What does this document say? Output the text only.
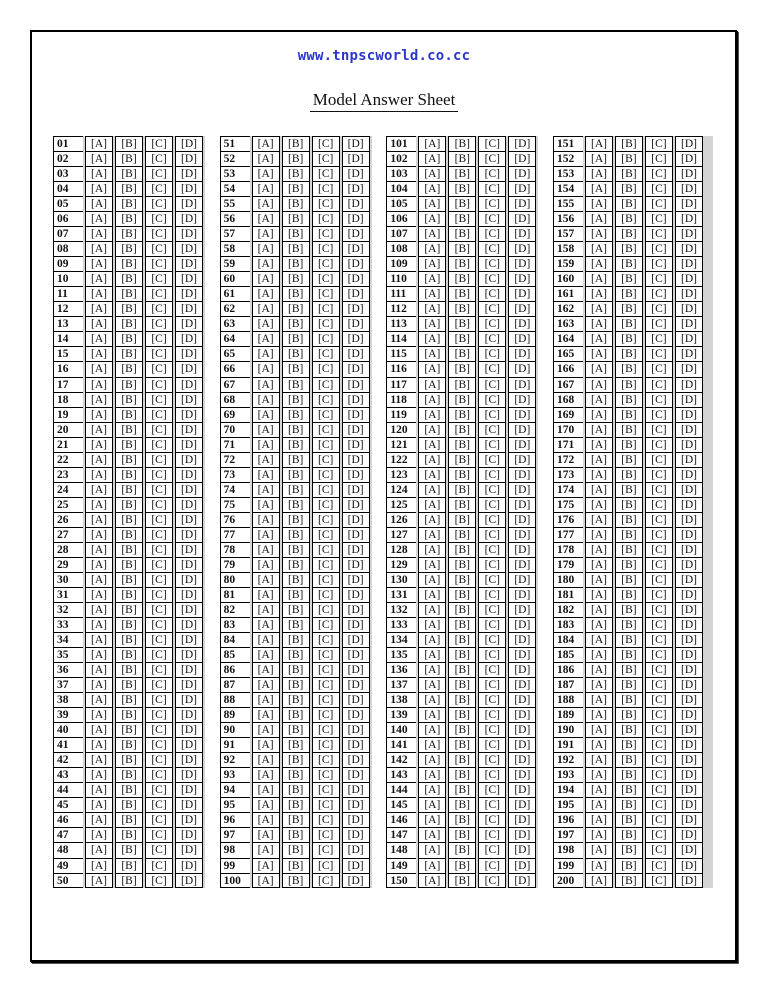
www.tnpscworld.co.cc
Model Answer Sheet
01	[A]	[B]	[C]	[D]
02	[A]	[B]	[C]	[D]
03	[A]	[B]	[C]	[D]
04	[A]	[B]	[C]	[D]
05	[A]	[B]	[C]	[D]
06	[A]	[B]	[C]	[D]
07	[A]	[B]	[C]	[D]
08	[A]	[B]	[C]	[D]
09	[A]	[B]	[C]	[D]
10	[A]	[B]	[C]	[D]
11	[A]	[B]	[C]	[D]
12	[A]	[B]	[C]	[D]
13	[A]	[B]	[C]	[D]
14	[A]	[B]	[C]	[D]
15	[A]	[B]	[C]	[D]
16	[A]	[B]	[C]	[D]
17	[A]	[B]	[C]	[D]
18	[A]	[B]	[C]	[D]
19	[A]	[B]	[C]	[D]
20	[A]	[B]	[C]	[D]
21	[A]	[B]	[C]	[D]
22	[A]	[B]	[C]	[D]
23	[A]	[B]	[C]	[D]
24	[A]	[B]	[C]	[D]
25	[A]	[B]	[C]	[D]
26	[A]	[B]	[C]	[D]
27	[A]	[B]	[C]	[D]
28	[A]	[B]	[C]	[D]
29	[A]	[B]	[C]	[D]
30	[A]	[B]	[C]	[D]
31	[A]	[B]	[C]	[D]
32	[A]	[B]	[C]	[D]
33	[A]	[B]	[C]	[D]
34	[A]	[B]	[C]	[D]
35	[A]	[B]	[C]	[D]
36	[A]	[B]	[C]	[D]
37	[A]	[B]	[C]	[D]
38	[A]	[B]	[C]	[D]
39	[A]	[B]	[C]	[D]
40	[A]	[B]	[C]	[D]
41	[A]	[B]	[C]	[D]
42	[A]	[B]	[C]	[D]
43	[A]	[B]	[C]	[D]
44	[A]	[B]	[C]	[D]
45	[A]	[B]	[C]	[D]
46	[A]	[B]	[C]	[D]
47	[A]	[B]	[C]	[D]
48	[A]	[B]	[C]	[D]
49	[A]	[B]	[C]	[D]
50	[A]	[B]	[C]	[D]
51	[A]	[B]	[C]	[D]
52	[A]	[B]	[C]	[D]
53	[A]	[B]	[C]	[D]
54	[A]	[B]	[C]	[D]
55	[A]	[B]	[C]	[D]
56	[A]	[B]	[C]	[D]
57	[A]	[B]	[C]	[D]
58	[A]	[B]	[C]	[D]
59	[A]	[B]	[C]	[D]
60	[A]	[B]	[C]	[D]
61	[A]	[B]	[C]	[D]
62	[A]	[B]	[C]	[D]
63	[A]	[B]	[C]	[D]
64	[A]	[B]	[C]	[D]
65	[A]	[B]	[C]	[D]
66	[A]	[B]	[C]	[D]
67	[A]	[B]	[C]	[D]
68	[A]	[B]	[C]	[D]
69	[A]	[B]	[C]	[D]
70	[A]	[B]	[C]	[D]
71	[A]	[B]	[C]	[D]
72	[A]	[B]	[C]	[D]
73	[A]	[B]	[C]	[D]
74	[A]	[B]	[C]	[D]
75	[A]	[B]	[C]	[D]
76	[A]	[B]	[C]	[D]
77	[A]	[B]	[C]	[D]
78	[A]	[B]	[C]	[D]
79	[A]	[B]	[C]	[D]
80	[A]	[B]	[C]	[D]
81	[A]	[B]	[C]	[D]
82	[A]	[B]	[C]	[D]
83	[A]	[B]	[C]	[D]
84	[A]	[B]	[C]	[D]
85	[A]	[B]	[C]	[D]
86	[A]	[B]	[C]	[D]
87	[A]	[B]	[C]	[D]
88	[A]	[B]	[C]	[D]
89	[A]	[B]	[C]	[D]
90	[A]	[B]	[C]	[D]
91	[A]	[B]	[C]	[D]
92	[A]	[B]	[C]	[D]
93	[A]	[B]	[C]	[D]
94	[A]	[B]	[C]	[D]
95	[A]	[B]	[C]	[D]
96	[A]	[B]	[C]	[D]
97	[A]	[B]	[C]	[D]
98	[A]	[B]	[C]	[D]
99	[A]	[B]	[C]	[D]
100	[A]	[B]	[C]	[D]
101	[A]	[B]	[C]	[D]
102	[A]	[B]	[C]	[D]
103	[A]	[B]	[C]	[D]
104	[A]	[B]	[C]	[D]
105	[A]	[B]	[C]	[D]
106	[A]	[B]	[C]	[D]
107	[A]	[B]	[C]	[D]
108	[A]	[B]	[C]	[D]
109	[A]	[B]	[C]	[D]
110	[A]	[B]	[C]	[D]
111	[A]	[B]	[C]	[D]
112	[A]	[B]	[C]	[D]
113	[A]	[B]	[C]	[D]
114	[A]	[B]	[C]	[D]
115	[A]	[B]	[C]	[D]
116	[A]	[B]	[C]	[D]
117	[A]	[B]	[C]	[D]
118	[A]	[B]	[C]	[D]
119	[A]	[B]	[C]	[D]
120	[A]	[B]	[C]	[D]
121	[A]	[B]	[C]	[D]
122	[A]	[B]	[C]	[D]
123	[A]	[B]	[C]	[D]
124	[A]	[B]	[C]	[D]
125	[A]	[B]	[C]	[D]
126	[A]	[B]	[C]	[D]
127	[A]	[B]	[C]	[D]
128	[A]	[B]	[C]	[D]
129	[A]	[B]	[C]	[D]
130	[A]	[B]	[C]	[D]
131	[A]	[B]	[C]	[D]
132	[A]	[B]	[C]	[D]
133	[A]	[B]	[C]	[D]
134	[A]	[B]	[C]	[D]
135	[A]	[B]	[C]	[D]
136	[A]	[B]	[C]	[D]
137	[A]	[B]	[C]	[D]
138	[A]	[B]	[C]	[D]
139	[A]	[B]	[C]	[D]
140	[A]	[B]	[C]	[D]
141	[A]	[B]	[C]	[D]
142	[A]	[B]	[C]	[D]
143	[A]	[B]	[C]	[D]
144	[A]	[B]	[C]	[D]
145	[A]	[B]	[C]	[D]
146	[A]	[B]	[C]	[D]
147	[A]	[B]	[C]	[D]
148	[A]	[B]	[C]	[D]
149	[A]	[B]	[C]	[D]
150	[A]	[B]	[C]	[D]
151	[A]	[B]	[C]	[D]
152	[A]	[B]	[C]	[D]
153	[A]	[B]	[C]	[D]
154	[A]	[B]	[C]	[D]
155	[A]	[B]	[C]	[D]
156	[A]	[B]	[C]	[D]
157	[A]	[B]	[C]	[D]
158	[A]	[B]	[C]	[D]
159	[A]	[B]	[C]	[D]
160	[A]	[B]	[C]	[D]
161	[A]	[B]	[C]	[D]
162	[A]	[B]	[C]	[D]
163	[A]	[B]	[C]	[D]
164	[A]	[B]	[C]	[D]
165	[A]	[B]	[C]	[D]
166	[A]	[B]	[C]	[D]
167	[A]	[B]	[C]	[D]
168	[A]	[B]	[C]	[D]
169	[A]	[B]	[C]	[D]
170	[A]	[B]	[C]	[D]
171	[A]	[B]	[C]	[D]
172	[A]	[B]	[C]	[D]
173	[A]	[B]	[C]	[D]
174	[A]	[B]	[C]	[D]
175	[A]	[B]	[C]	[D]
176	[A]	[B]	[C]	[D]
177	[A]	[B]	[C]	[D]
178	[A]	[B]	[C]	[D]
179	[A]	[B]	[C]	[D]
180	[A]	[B]	[C]	[D]
181	[A]	[B]	[C]	[D]
182	[A]	[B]	[C]	[D]
183	[A]	[B]	[C]	[D]
184	[A]	[B]	[C]	[D]
185	[A]	[B]	[C]	[D]
186	[A]	[B]	[C]	[D]
187	[A]	[B]	[C]	[D]
188	[A]	[B]	[C]	[D]
189	[A]	[B]	[C]	[D]
190	[A]	[B]	[C]	[D]
191	[A]	[B]	[C]	[D]
192	[A]	[B]	[C]	[D]
193	[A]	[B]	[C]	[D]
194	[A]	[B]	[C]	[D]
195	[A]	[B]	[C]	[D]
196	[A]	[B]	[C]	[D]
197	[A]	[B]	[C]	[D]
198	[A]	[B]	[C]	[D]
199	[A]	[B]	[C]	[D]
200	[A]	[B]	[C]	[D]
